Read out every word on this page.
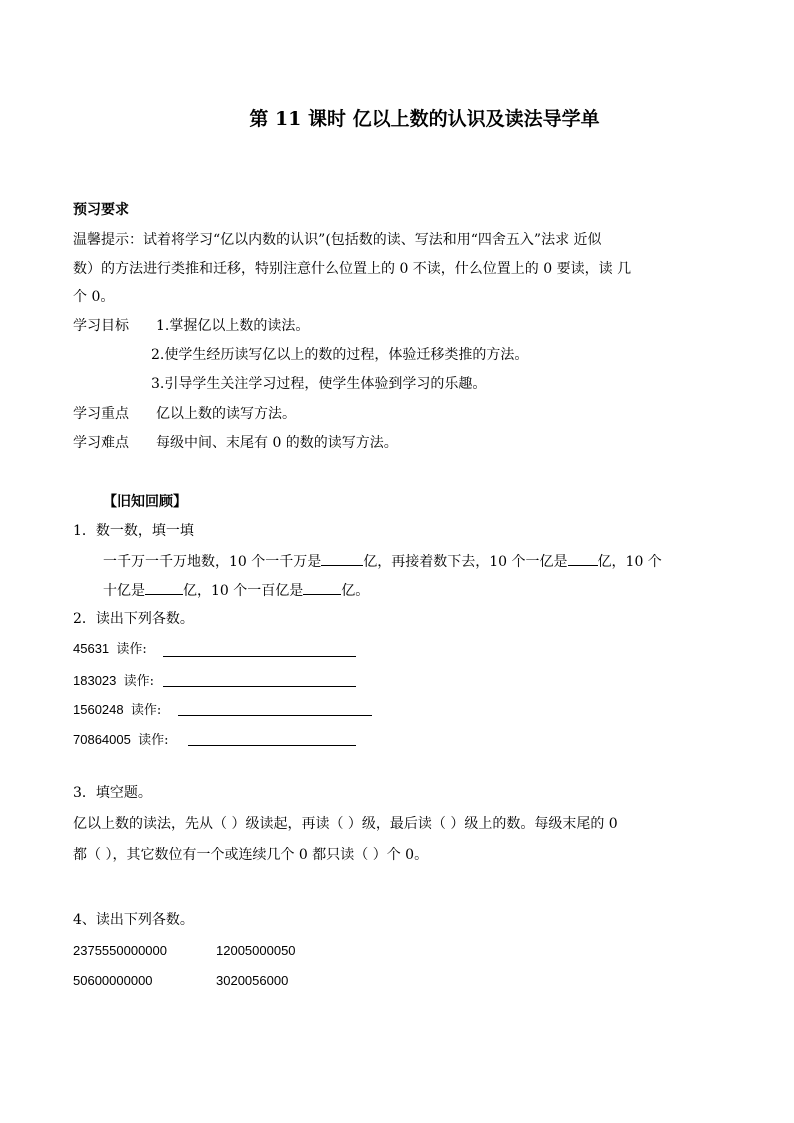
第 11 课时 亿以上数的认识及读法导学单
预习要求
温馨提示：试着将学习“亿以内数的认识”(包括数的读、写法和用“四舍五入”法求 近似
数）的方法进行类推和迁移，特别注意什么位置上的 0 不读，什么位置上的 0 要读，读 几
个 0。
学习目标 1.掌握亿以上数的读法。
2.使学生经历读写亿以上的数的过程，体验迁移类推的方法。
3.引导学生关注学习过程，使学生体验到学习的乐趣。
学习重点 亿以上数的读写方法。
学习难点 每级中间、末尾有 0 的数的读写方法。
【旧知回顾】
1．数一数，填一填
一千万一千万地数，10 个一千万是	亿，再接着数下去，10 个一亿是 亿，10 个
十亿是	亿，10 个一百亿是	亿。
2．读出下列各数。
45631 读作:
183023 读作:
1560248 读作:
70864005 读作:
3．填空题。
亿以上数的读法，先从（ ）级读起，再读（ ）级，最后读（ ）级上的数。每级末尾的 0
都（ ），其它数位有一个或连续几个 0 都只读（ ）个 0。
4、读出下列各数。
2375550000000	12005000050
50600000000	3020056000
